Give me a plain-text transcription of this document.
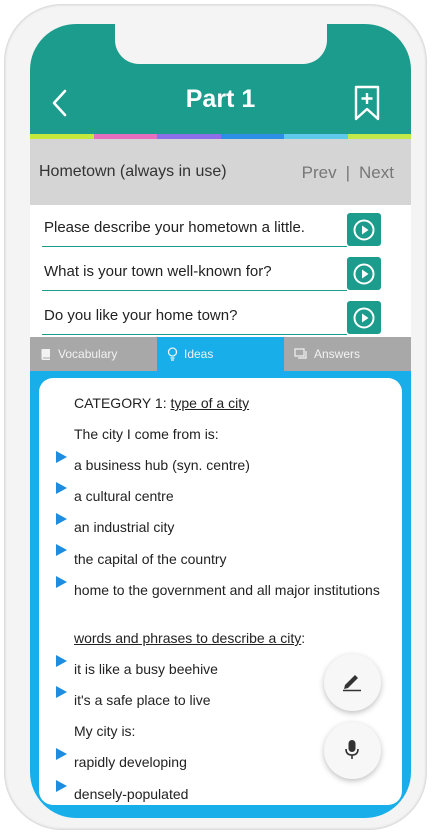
Part 1
Hometown (always in use)	Prev | Next
Please describe your hometown a little.
What is your town well-known for?
Do you like your home town?
Vocabulary	Ideas	Answers
CATEGORY 1: type of a city
The city I come from is:
a business hub (syn. centre)
a cultural centre
an industrial city
the capital of the country
home to the government and all major institutions
words and phrases to describe a city:
it is like a busy beehive
it's a safe place to live
My city is:
rapidly developing
densely-populated
